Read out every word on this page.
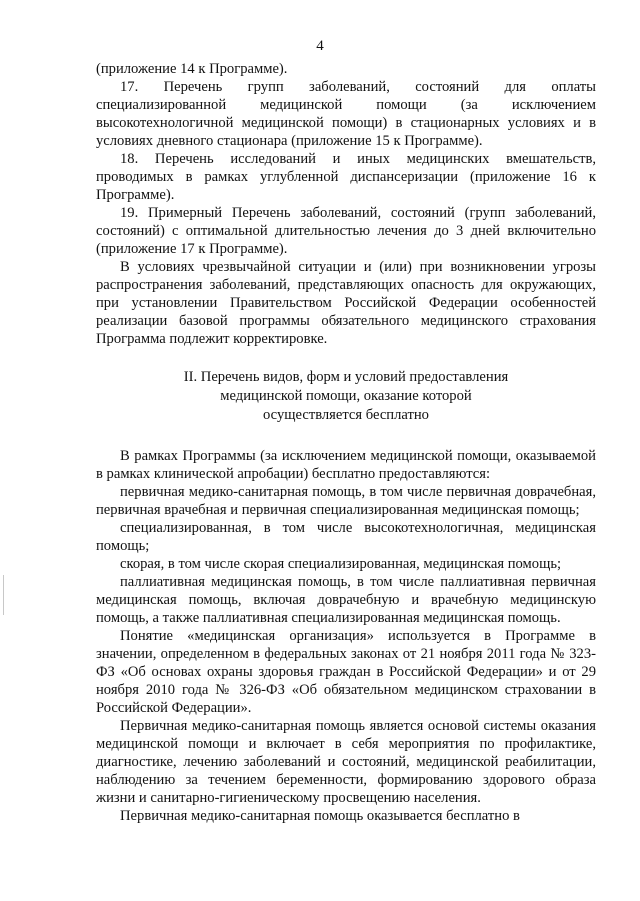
4

(приложение 14 к Программе).

17. Перечень групп заболеваний, состояний для оплаты специализированной медицинской помощи (за исключением высокотехнологичной медицинской помощи) в стационарных условиях и в условиях дневного стационара (приложение 15 к Программе).

18. Перечень исследований и иных медицинских вмешательств, проводимых в рамках углубленной диспансеризации (приложение 16 к Программе).

19. Примерный Перечень заболеваний, состояний (групп заболеваний, состояний) с оптимальной длительностью лечения до 3 дней включительно (приложение 17 к Программе).

В условиях чрезвычайной ситуации и (или) при возникновении угрозы распространения заболеваний, представляющих опасность для окружающих, при установлении Правительством Российской Федерации особенностей реализации базовой программы обязательного медицинского страхования Программа подлежит корректировке.

II. Перечень видов, форм и условий предоставления
медицинской помощи, оказание которой
осуществляется бесплатно

В рамках Программы (за исключением медицинской помощи, оказываемой в рамках клинической апробации) бесплатно предоставляются:

первичная медико-санитарная помощь, в том числе первичная доврачебная, первичная врачебная и первичная специализированная медицинская помощь;

специализированная, в том числе высокотехнологичная, медицинская помощь;

скорая, в том числе скорая специализированная, медицинская помощь;

паллиативная медицинская помощь, в том числе паллиативная первичная медицинская помощь, включая доврачебную и врачебную медицинскую помощь, а также паллиативная специализированная медицинская помощь.

Понятие «медицинская организация» используется в Программе в значении, определенном в федеральных законах от 21 ноября 2011 года № 323-ФЗ «Об основах охраны здоровья граждан в Российской Федерации» и от 29 ноября 2010 года № 326-ФЗ «Об обязательном медицинском страховании в Российской Федерации».

Первичная медико-санитарная помощь является основой системы оказания медицинской помощи и включает в себя мероприятия по профилактике, диагностике, лечению заболеваний и состояний, медицинской реабилитации, наблюдению за течением беременности, формированию здорового образа жизни и санитарно-гигиеническому просвещению населения.

Первичная медико-санитарная помощь оказывается бесплатно в
